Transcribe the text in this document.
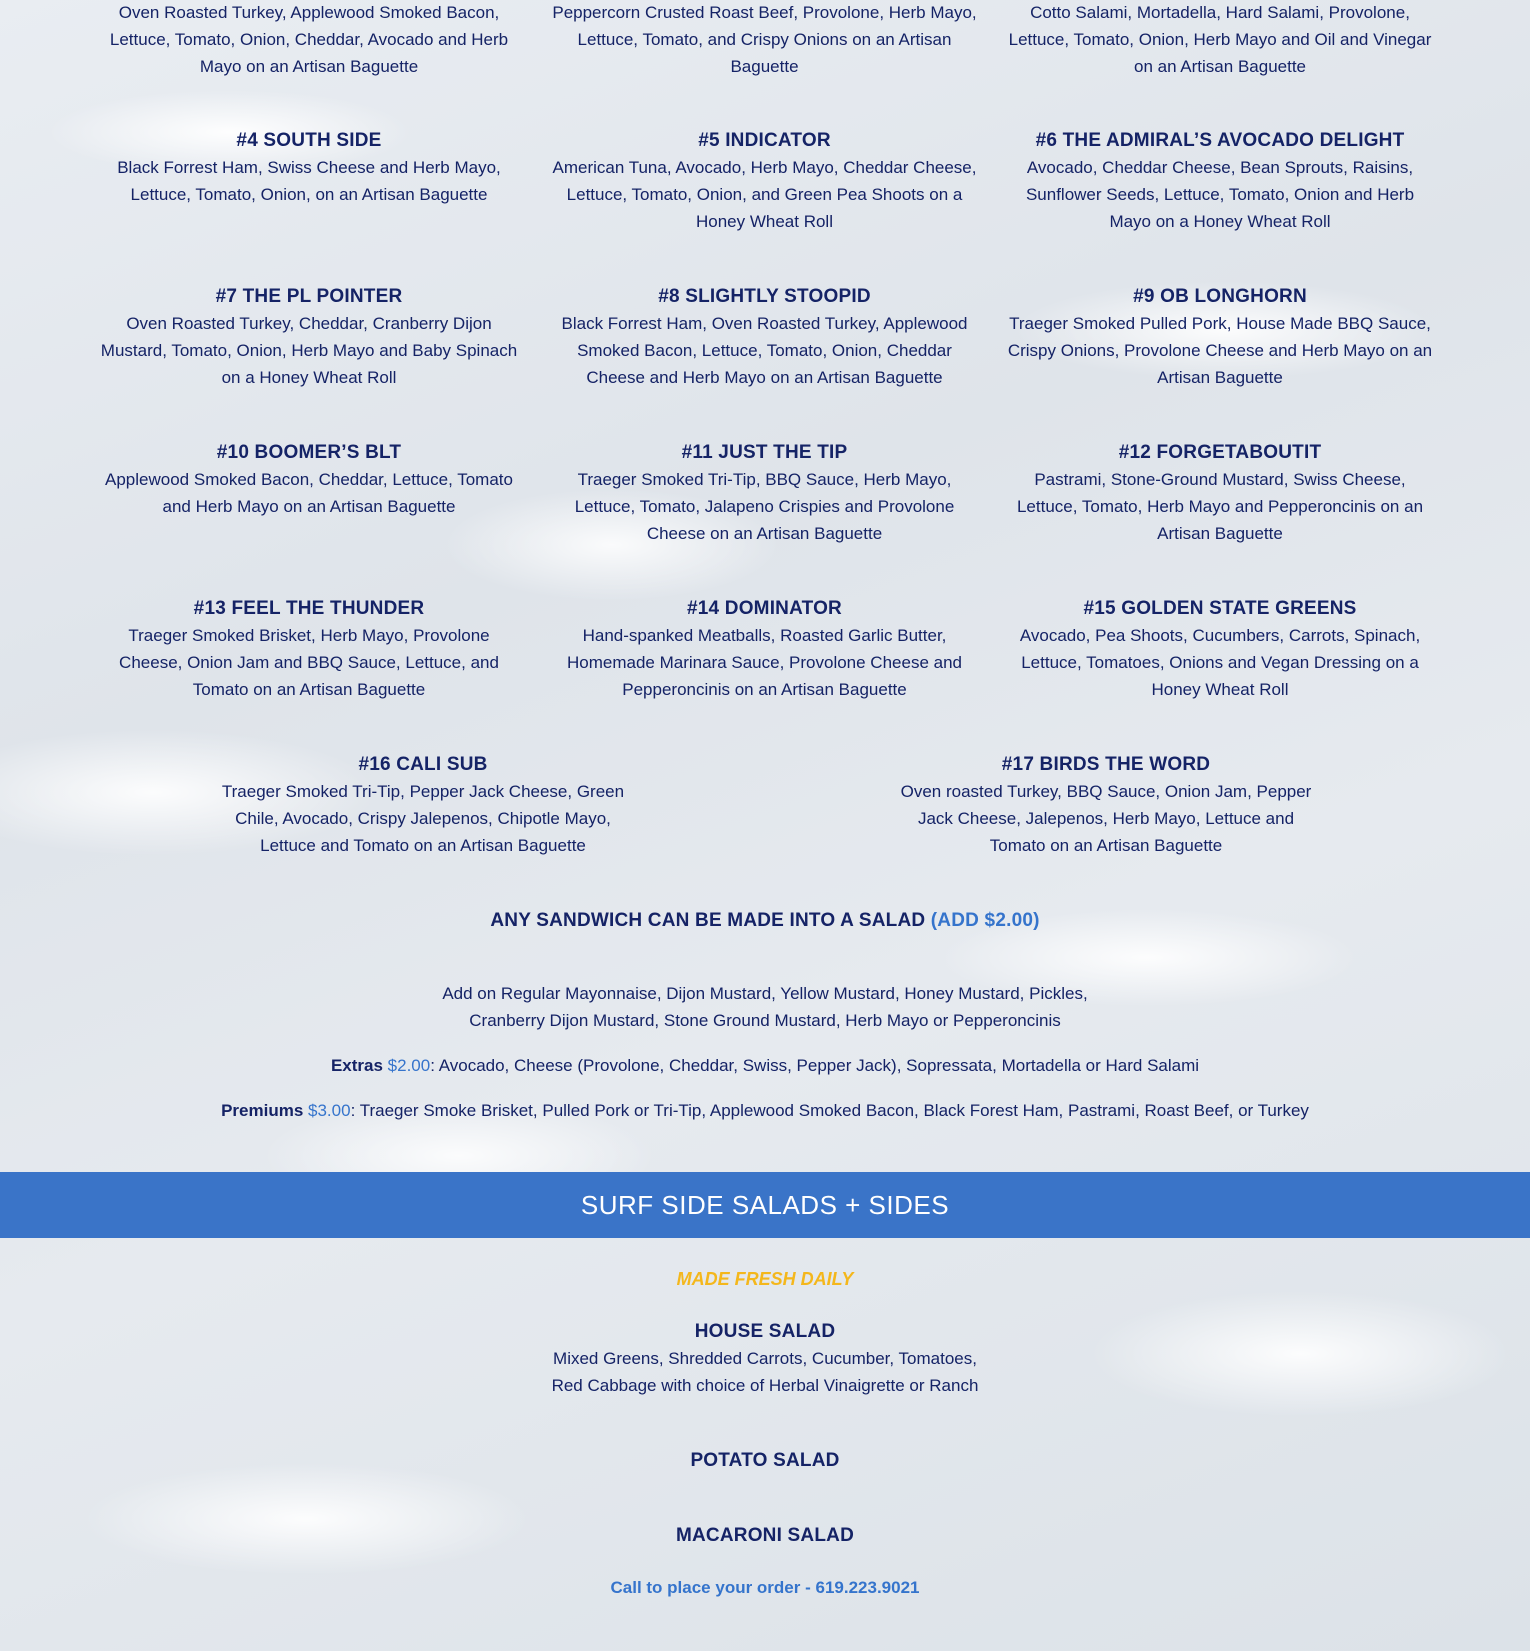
Oven Roasted Turkey, Applewood Smoked Bacon, Lettuce, Tomato, Onion, Cheddar, Avocado and Herb Mayo on an Artisan Baguette
Peppercorn Crusted Roast Beef, Provolone, Herb Mayo, Lettuce, Tomato, and Crispy Onions on an Artisan Baguette
Cotto Salami, Mortadella, Hard Salami, Provolone, Lettuce, Tomato, Onion, Herb Mayo and Oil and Vinegar on an Artisan Baguette
#4 SOUTH SIDE
Black Forrest Ham, Swiss Cheese and Herb Mayo, Lettuce, Tomato, Onion, on an Artisan Baguette
#5 INDICATOR
American Tuna, Avocado, Herb Mayo, Cheddar Cheese, Lettuce, Tomato, Onion, and Green Pea Shoots on a Honey Wheat Roll
#6 THE ADMIRAL’S AVOCADO DELIGHT
Avocado, Cheddar Cheese, Bean Sprouts, Raisins, Sunflower Seeds, Lettuce, Tomato, Onion and Herb Mayo on a Honey Wheat Roll
#7 THE PL POINTER
Oven Roasted Turkey, Cheddar, Cranberry Dijon Mustard, Tomato, Onion, Herb Mayo and Baby Spinach on a Honey Wheat Roll
#8 SLIGHTLY STOOPID
Black Forrest Ham, Oven Roasted Turkey, Applewood Smoked Bacon, Lettuce, Tomato, Onion, Cheddar Cheese and Herb Mayo on an Artisan Baguette
#9 OB LONGHORN
Traeger Smoked Pulled Pork, House Made BBQ Sauce, Crispy Onions, Provolone Cheese and Herb Mayo on an Artisan Baguette
#10 BOOMER’S BLT
Applewood Smoked Bacon, Cheddar, Lettuce, Tomato and Herb Mayo on an Artisan Baguette
#11 JUST THE TIP
Traeger Smoked Tri-Tip, BBQ Sauce, Herb Mayo, Lettuce, Tomato, Jalapeno Crispies and Provolone Cheese on an Artisan Baguette
#12 FORGETABOUTIT
Pastrami, Stone-Ground Mustard, Swiss Cheese, Lettuce, Tomato, Herb Mayo and Pepperoncinis on an Artisan Baguette
#13 FEEL THE THUNDER
Traeger Smoked Brisket, Herb Mayo, Provolone Cheese, Onion Jam and BBQ Sauce, Lettuce, and Tomato on an Artisan Baguette
#14 DOMINATOR
Hand-spanked Meatballs, Roasted Garlic Butter, Homemade Marinara Sauce, Provolone Cheese and Pepperoncinis on an Artisan Baguette
#15 GOLDEN STATE GREENS
Avocado, Pea Shoots, Cucumbers, Carrots, Spinach, Lettuce, Tomatoes, Onions and Vegan Dressing on a Honey Wheat Roll
#16 CALI SUB
Traeger Smoked Tri-Tip, Pepper Jack Cheese, Green Chile, Avocado, Crispy Jalepenos, Chipotle Mayo, Lettuce and Tomato on an Artisan Baguette
#17 BIRDS THE WORD
Oven roasted Turkey, BBQ Sauce, Onion Jam, Pepper Jack Cheese, Jalepenos, Herb Mayo, Lettuce and Tomato on an Artisan Baguette
ANY SANDWICH CAN BE MADE INTO A SALAD (ADD $2.00)
Add on Regular Mayonnaise, Dijon Mustard, Yellow Mustard, Honey Mustard, Pickles,
Cranberry Dijon Mustard, Stone Ground Mustard, Herb Mayo or Pepperoncinis
Extras $2.00: Avocado, Cheese (Provolone, Cheddar, Swiss, Pepper Jack), Sopressata, Mortadella or Hard Salami
Premiums $3.00: Traeger Smoke Brisket, Pulled Pork or Tri-Tip, Applewood Smoked Bacon, Black Forest Ham, Pastrami, Roast Beef, or Turkey
SURF SIDE SALADS + SIDES
MADE FRESH DAILY
HOUSE SALAD
Mixed Greens, Shredded Carrots, Cucumber, Tomatoes,
Red Cabbage with choice of Herbal Vinaigrette or Ranch
POTATO SALAD
MACARONI SALAD
Call to place your order - 619.223.9021
